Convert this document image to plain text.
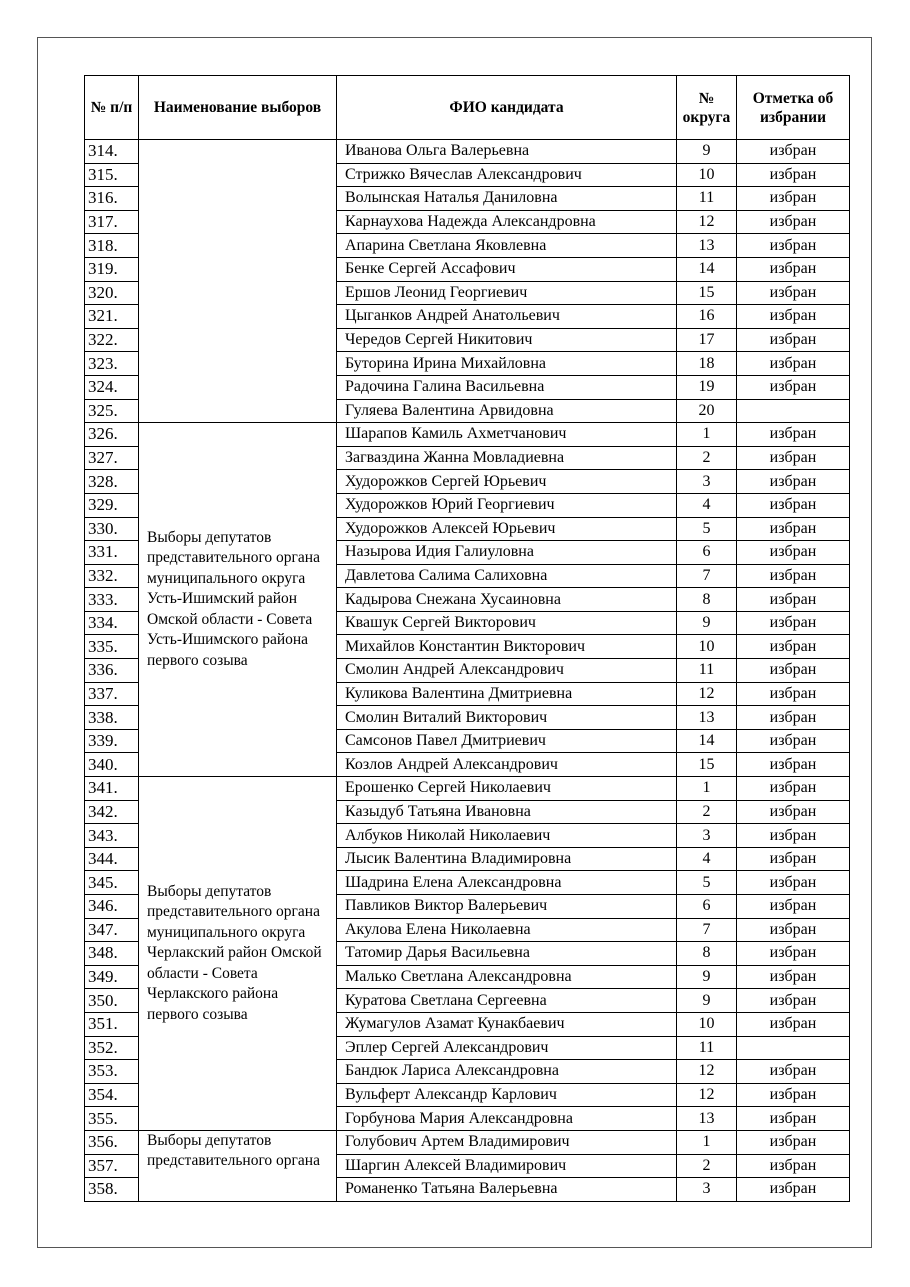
№ п/п	Наименование выборов	ФИО кандидата	№ округа	Отметка об избрании
314.		Иванова Ольга Валерьевна	9	избран
315.		Стрижко Вячеслав Александрович	10	избран
316.		Волынская Наталья Даниловна	11	избран
317.		Карнаухова Надежда Александровна	12	избран
318.		Апарина Светлана Яковлевна	13	избран
319.		Бенке Сергей Ассафович	14	избран
320.		Ершов Леонид Георгиевич	15	избран
321.		Цыганков Андрей Анатольевич	16	избран
322.		Чередов Сергей Никитович	17	избран
323.		Буторина Ирина Михайловна	18	избран
324.		Радочина Галина Васильевна	19	избран
325.		Гуляева Валентина Арвидовна	20	
326.	Выборы депутатов представительного органа муниципального округа Усть-Ишимский район Омской области - Совета Усть-Ишимского района первого созыва	Шарапов Камиль Ахметчанович	1	избран
327.		Загваздина Жанна Мовладиевна	2	избран
328.		Худорожков Сергей Юрьевич	3	избран
329.		Худорожков Юрий Георгиевич	4	избран
330.		Худорожков Алексей Юрьевич	5	избран
331.		Назырова Идия Галиуловна	6	избран
332.		Давлетова Салима Салиховна	7	избран
333.		Кадырова Снежана Хусаиновна	8	избран
334.		Квашук Сергей Викторович	9	избран
335.		Михайлов Константин Викторович	10	избран
336.		Смолин Андрей Александрович	11	избран
337.		Куликова Валентина Дмитриевна	12	избран
338.		Смолин Виталий Викторович	13	избран
339.		Самсонов Павел Дмитриевич	14	избран
340.		Козлов Андрей Александрович	15	избран
341.	Выборы депутатов представительного органа муниципального округа Черлакский район Омской области - Совета Черлакского района первого созыва	Ерошенко Сергей Николаевич	1	избран
342.		Казыдуб Татьяна Ивановна	2	избран
343.		Албуков Николай Николаевич	3	избран
344.		Лысик Валентина Владимировна	4	избран
345.		Шадрина Елена Александровна	5	избран
346.		Павликов Виктор Валерьевич	6	избран
347.		Акулова Елена Николаевна	7	избран
348.		Татомир Дарья Васильевна	8	избран
349.		Малько Светлана Александровна	9	избран
350.		Куратова Светлана Сергеевна	9	избран
351.		Жумагулов Азамат Кунакбаевич	10	избран
352.		Эплер Сергей Александрович	11	
353.		Бандюк Лариса Александровна	12	избран
354.		Вульферт Александр Карлович	12	избран
355.		Горбунова Мария Александровна	13	избран
356.	Выборы депутатов представительного органа	Голубович Артем Владимирович	1	избран
357.		Шаргин Алексей Владимирович	2	избран
358.		Романенко Татьяна Валерьевна	3	избран
